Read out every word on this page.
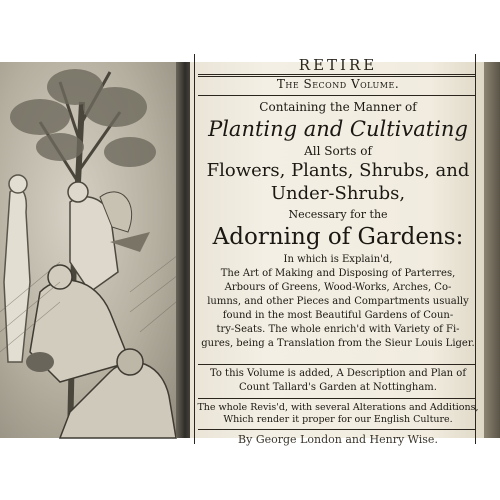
RETIRE
The Second Volume.
Containing the Manner of
Planting and Cultivating
All Sorts of
Flowers, Plants, Shrubs, and
Under-Shrubs,
Necessary for the
Adorning of Gardens:
In which is Explain'd,
The Art of Making and Disposing of Parterres,
Arbours of Greens, Wood-Works, Arches, Co-
lumns, and other Pieces and Compartments usually
found in the most Beautiful Gardens of Coun-
try-Seats. The whole enrich'd with Variety of Fi-
gures, being a Translation from the Sieur Louis Liger.
To this Volume is added, A Description and Plan of
Count Tallard's Garden at Nottingham.
The whole Revis'd, with several Alterations and Additions,
Which render it proper for our English Culture.
By George London and Henry Wise.
